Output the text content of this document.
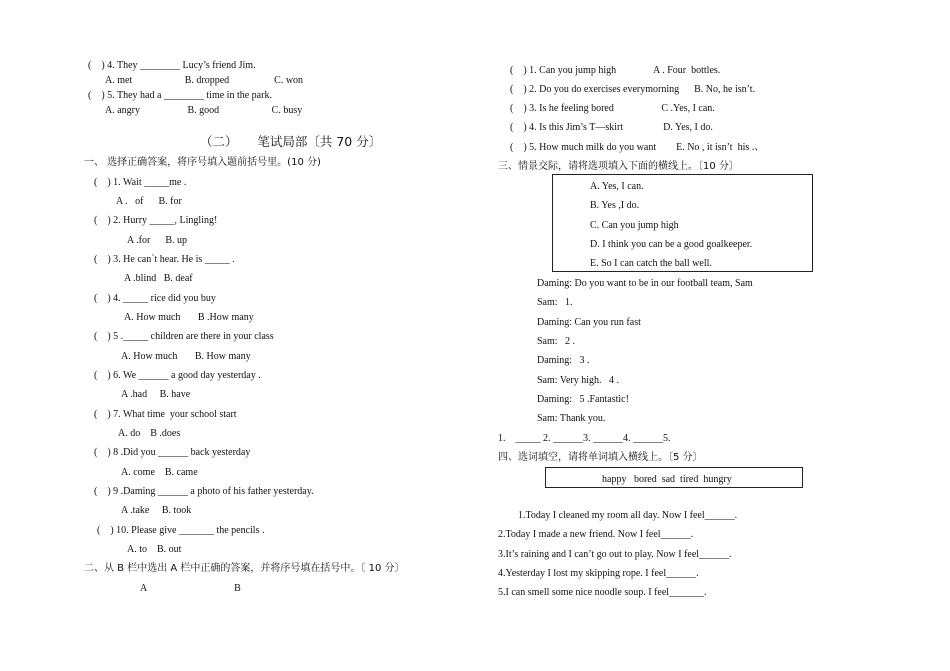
(    ) 4. They ________ Lucy’s friend Jim.
A. met                     B. dropped                  C. won
(    ) 5. They had a ________ time in the park.
A. angry                   B. good                     C. busy
（二）     笔试局部〔共 70 分〕
一、 选择正确答案，将序号填入题前括号里。(10 分)
(    ) 1. Wait _____me .
A .   of      B. for
(    ) 2. Hurry _____, Lingling!
A .for      B. up
(    ) 3. He can`t hear. He is _____ .
A .blind   B. deaf
(    ) 4. _____ rice did you buy
A. How much       B .How many
(    ) 5 ._____ children are there in your class
A. How much       B. How many
(    ) 6. We ______ a good day yesterday .
A .had     B. have
(    ) 7. What time  your school start
A. do    B .does
(    ) 8 .Did you ______ back yesterday
A. come    B. came
(    ) 9 .Daming ______ a photo of his father yesterday.
A .take     B. took
(    ) 10. Please give _______ the pencils .
A. to    B. out
二、从 B 栏中选出 A 栏中正确的答案，并将序号填在括号中。〔 10 分〕
A                                   B
(    ) 1. Can you jump high               A . Four  bottles.
(    ) 2. Do you do exercises everymorning      B. No, he isn’t.
(    ) 3. Is he feeling bored                   C .Yes, I can.
(    ) 4. Is this Jim’s T—skirt                D. Yes, I do.
(    ) 5. How much milk do you want        E. No , it isn’t  his .、
三、情景交际，请将选项填入下面的横线上。〔10 分〕
A. Yes, I can.
B. Yes ,I do.
C. Can you jump high
D. I think you can be a good goalkeeper.
E. So I can catch the ball well.
Daming: Do you want to be in our football team, Sam
Sam:   1.
Daming: Can you run fast
Sam:   2 .
Daming:   3 .
Sam: Very high.   4 .
Daming:   5 .Fantastic!
Sam: Thank you.
1.    _____ 2. ______3. ______4. ______5.
四、选词填空，请将单词填入横线上。〔5 分〕
happy   bored  sad  tired  hungry
1.Today I cleaned my room all day. Now I feel______.
2.Today I made a new friend. Now I feel______.
3.It’s raining and I can’t go out to play. Now I feel______.
4.Yesterday I lost my skipping rope. I feel______.
5.I can smell some nice noodle soup. I feel_______.
